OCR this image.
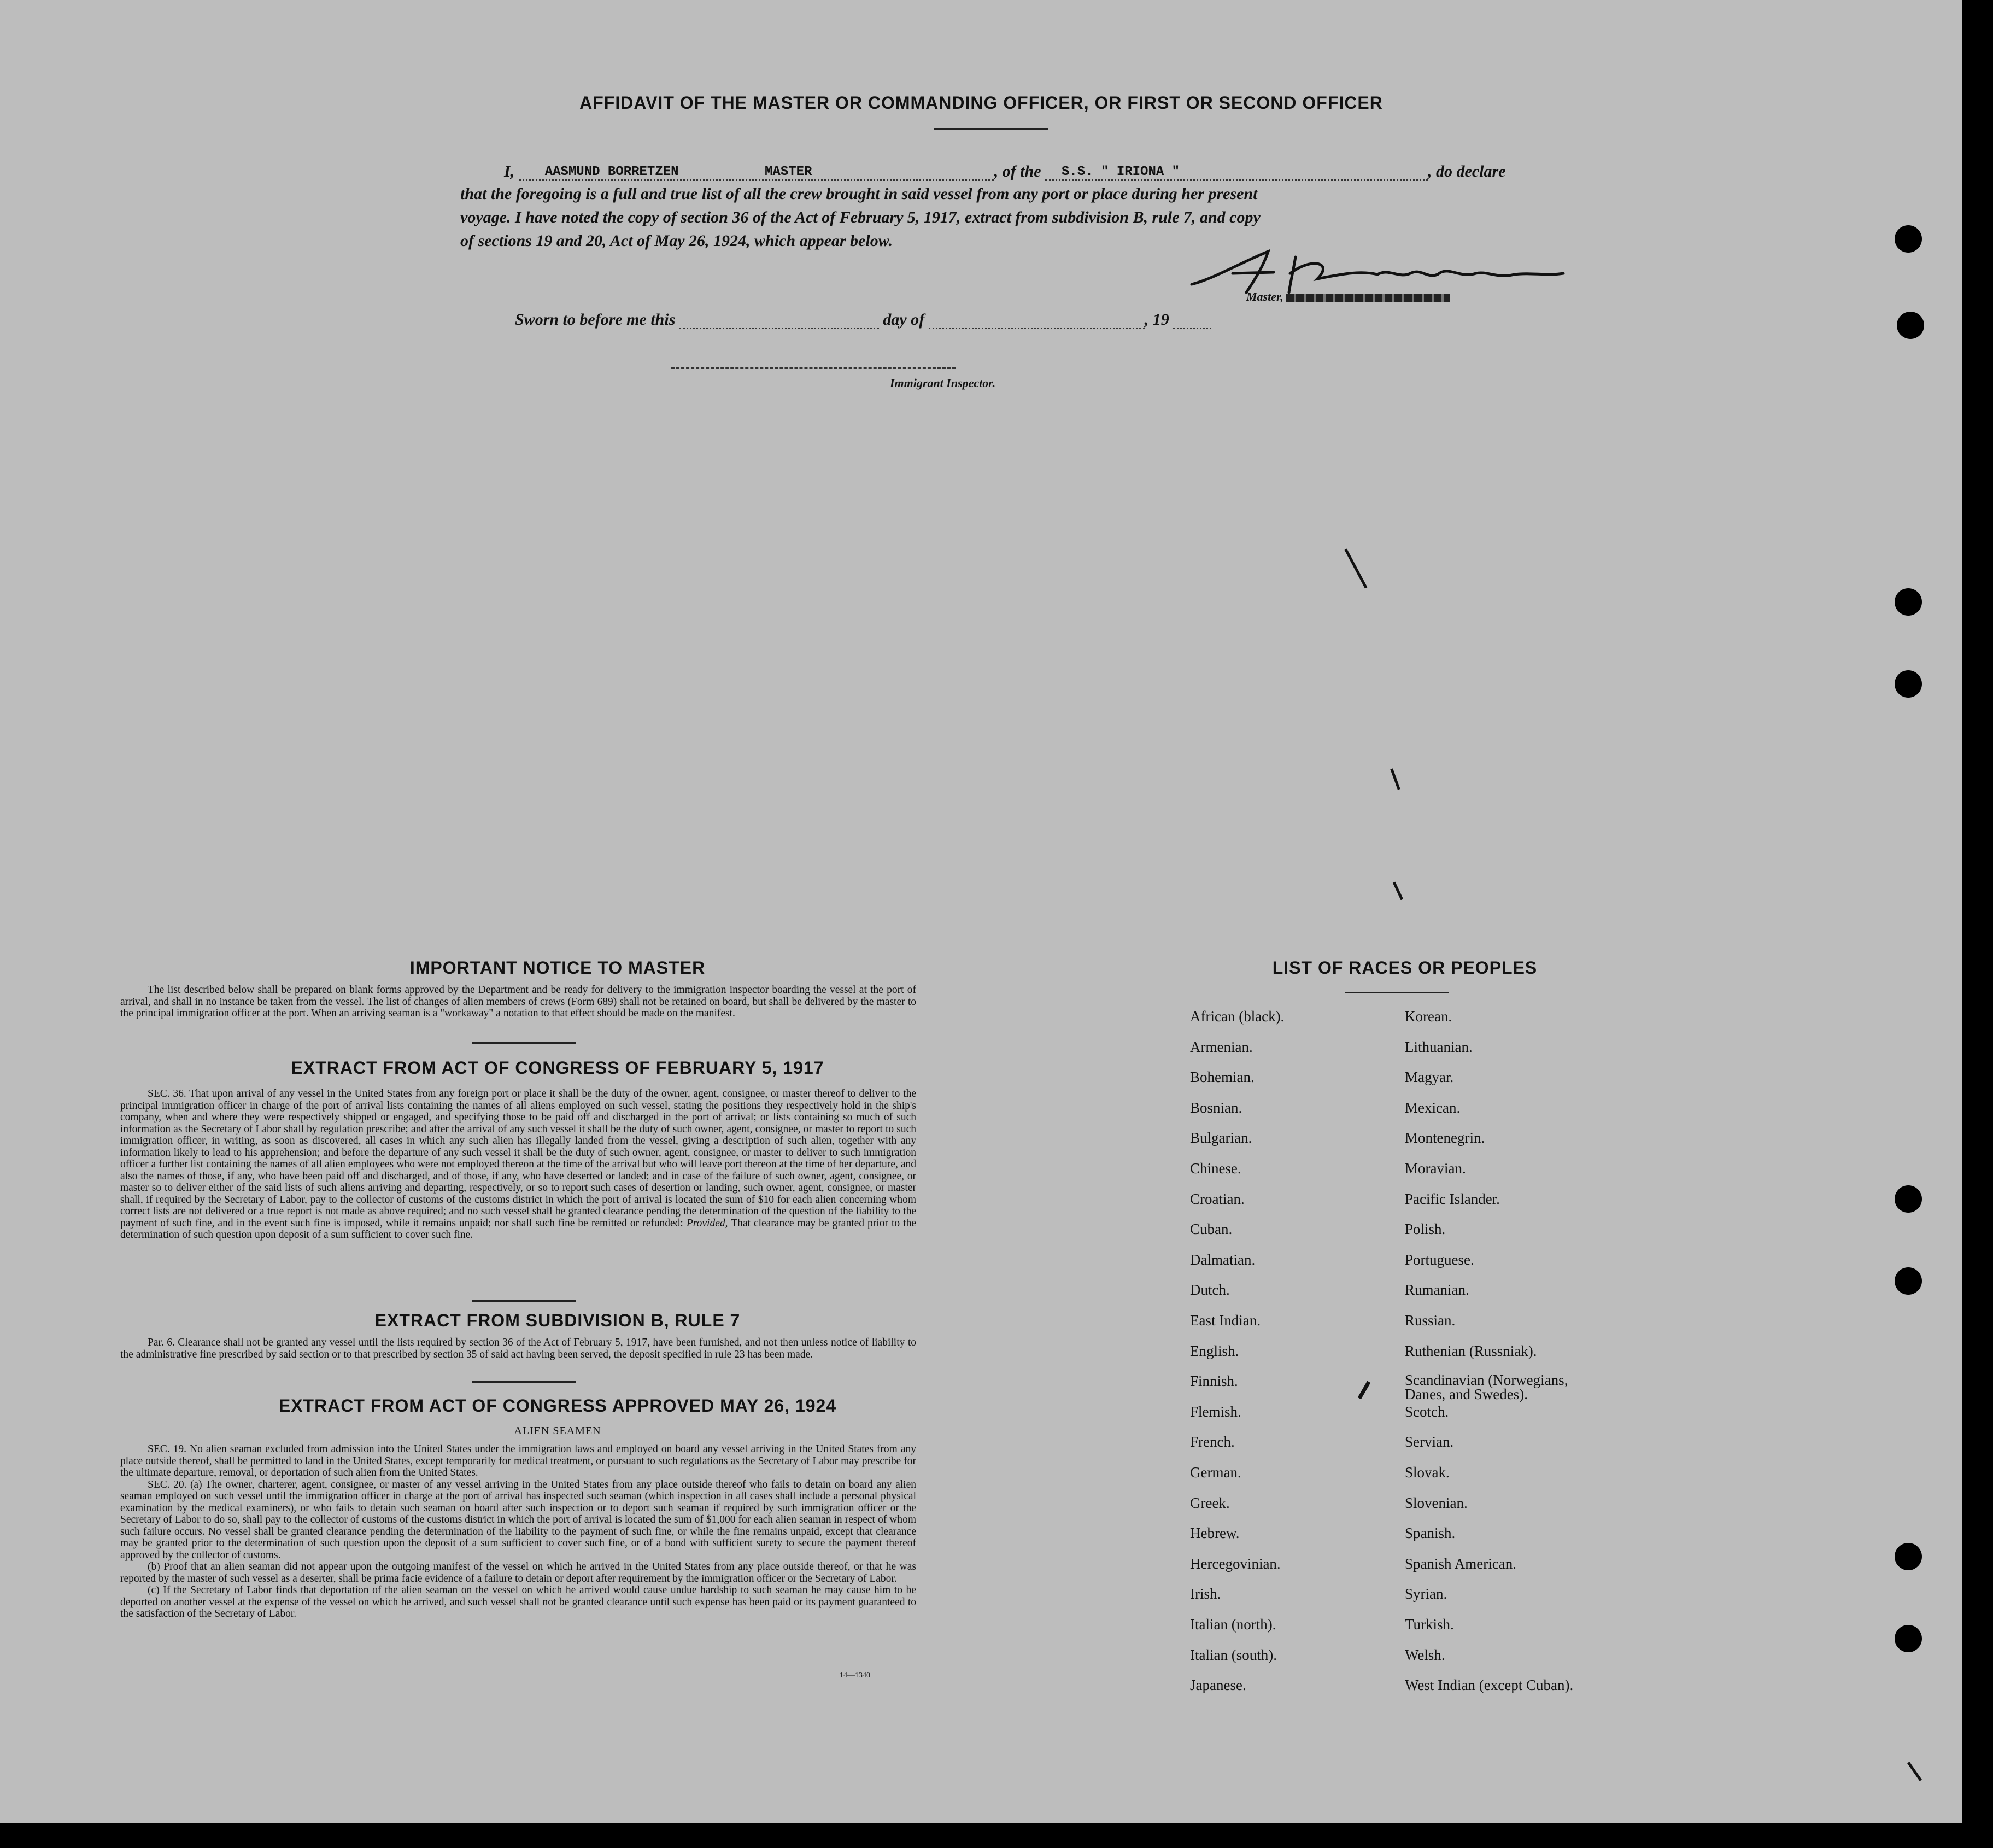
AFFIDAVIT OF THE MASTER OR COMMANDING OFFICER, OR FIRST OR SECOND OFFICER
I, AASMUND BORRETZEN	MASTER	, of the S.S. " IRIONA "	, do declare
that the foregoing is a full and true list of all the crew brought in said vessel from any port or place during her present
voyage. I have noted the copy of section 36 of the Act of February 5, 1917, extract from subdivision B, rule 7, and copy
of sections 19 and 20, Act of May 26, 1924, which appear below.
Master,
Sworn to before me this	day of	, 19
Immigrant Inspector.
IMPORTANT NOTICE TO MASTER

The list described below shall be prepared on blank forms approved by the Department and be ready for delivery to the immigration inspector boarding the vessel at the port of arrival, and shall in no instance be taken from the vessel. The list of changes of alien members of crews (Form 689) shall not be retained on board, but shall be delivered by the master to the principal immigration officer at the port. When an arriving seaman is a "workaway" a notation to that effect should be made on the manifest.

EXTRACT FROM ACT OF CONGRESS OF FEBRUARY 5, 1917

SEC. 36. That upon arrival of any vessel in the United States from any foreign port or place it shall be the duty of the owner, agent, consignee, or master thereof to deliver to the principal immigration officer in charge of the port of arrival lists containing the names of all aliens employed on such vessel, stating the positions they respectively hold in the ship's company, when and where they were respectively shipped or engaged, and specifying those to be paid off and discharged in the port of arrival; or lists containing so much of such information as the Secretary of Labor shall by regulation prescribe; and after the arrival of any such vessel it shall be the duty of such owner, agent, consignee, or master to report to such immigration officer, in writing, as soon as discovered, all cases in which any such alien has illegally landed from the vessel, giving a description of such alien, together with any information likely to lead to his apprehension; and before the departure of any such vessel it shall be the duty of such owner, agent, consignee, or master to deliver to such immigration officer a further list containing the names of all alien employees who were not employed thereon at the time of the arrival but who will leave port thereon at the time of her departure, and also the names of those, if any, who have been paid off and discharged, and of those, if any, who have deserted or landed; and in case of the failure of such owner, agent, consignee, or master so to deliver either of the said lists of such aliens arriving and departing, respectively, or so to report such cases of desertion or landing, such owner, agent, consignee, or master shall, if required by the Secretary of Labor, pay to the collector of customs of the customs district in which the port of arrival is located the sum of $10 for each alien concerning whom correct lists are not delivered or a true report is not made as above required; and no such vessel shall be granted clearance pending the determination of the question of the liability to the payment of such fine, and in the event such fine is imposed, while it remains unpaid; nor shall such fine be remitted or refunded: Provided, That clearance may be granted prior to the determination of such question upon deposit of a sum sufficient to cover such fine.

EXTRACT FROM SUBDIVISION B, RULE 7

Par. 6. Clearance shall not be granted any vessel until the lists required by section 36 of the Act of February 5, 1917, have been furnished, and not then unless notice of liability to the administrative fine prescribed by said section or to that prescribed by section 35 of said act having been served, the deposit specified in rule 23 has been made.

EXTRACT FROM ACT OF CONGRESS APPROVED MAY 26, 1924
ALIEN SEAMEN

SEC. 19. No alien seaman excluded from admission into the United States under the immigration laws and employed on board any vessel arriving in the United States from any place outside thereof, shall be permitted to land in the United States, except temporarily for medical treatment, or pursuant to such regulations as the Secretary of Labor may prescribe for the ultimate departure, removal, or deportation of such alien from the United States.

SEC. 20. (a) The owner, charterer, agent, consignee, or master of any vessel arriving in the United States from any place outside thereof who fails to detain on board any alien seaman employed on such vessel until the immigration officer in charge at the port of arrival has inspected such seaman (which inspection in all cases shall include a personal physical examination by the medical examiners), or who fails to detain such seaman on board after such inspection or to deport such seaman if required by such immigration officer or the Secretary of Labor to do so, shall pay to the collector of customs of the customs district in which the port of arrival is located the sum of $1,000 for each alien seaman in respect of whom such failure occurs. No vessel shall be granted clearance pending the determination of the liability to the payment of such fine, or while the fine remains unpaid, except that clearance may be granted prior to the determination of such question upon the deposit of a sum sufficient to cover such fine, or of a bond with sufficient surety to secure the payment thereof approved by the collector of customs.

(b) Proof that an alien seaman did not appear upon the outgoing manifest of the vessel on which he arrived in the United States from any place outside thereof, or that he was reported by the master of such vessel as a deserter, shall be prima facie evidence of a failure to detain or deport after requirement by the immigration officer or the Secretary of Labor.

(c) If the Secretary of Labor finds that deportation of the alien seaman on the vessel on which he arrived would cause undue hardship to such seaman he may cause him to be deported on another vessel at the expense of the vessel on which he arrived, and such vessel shall not be granted clearance until such expense has been paid or its payment guaranteed to the satisfaction of the Secretary of Labor.

14—1340
LIST OF RACES OR PEOPLES
African (black).
Armenian.
Bohemian.
Bosnian.
Bulgarian.
Chinese.
Croatian.
Cuban.
Dalmatian.
Dutch.
East Indian.
English.
Finnish.
Flemish.
French.
German.
Greek.
Hebrew.
Hercegovinian.
Irish.
Italian (north).
Italian (south).
Japanese.
Korean.
Lithuanian.
Magyar.
Mexican.
Montenegrin.
Moravian.
Pacific Islander.
Polish.
Portuguese.
Rumanian.
Russian.
Ruthenian (Russniak).
Scandinavian (Norwegians, Danes, and Swedes).
Scotch.
Servian.
Slovak.
Slovenian.
Spanish.
Spanish American.
Syrian.
Turkish.
Welsh.
West Indian (except Cuban).
